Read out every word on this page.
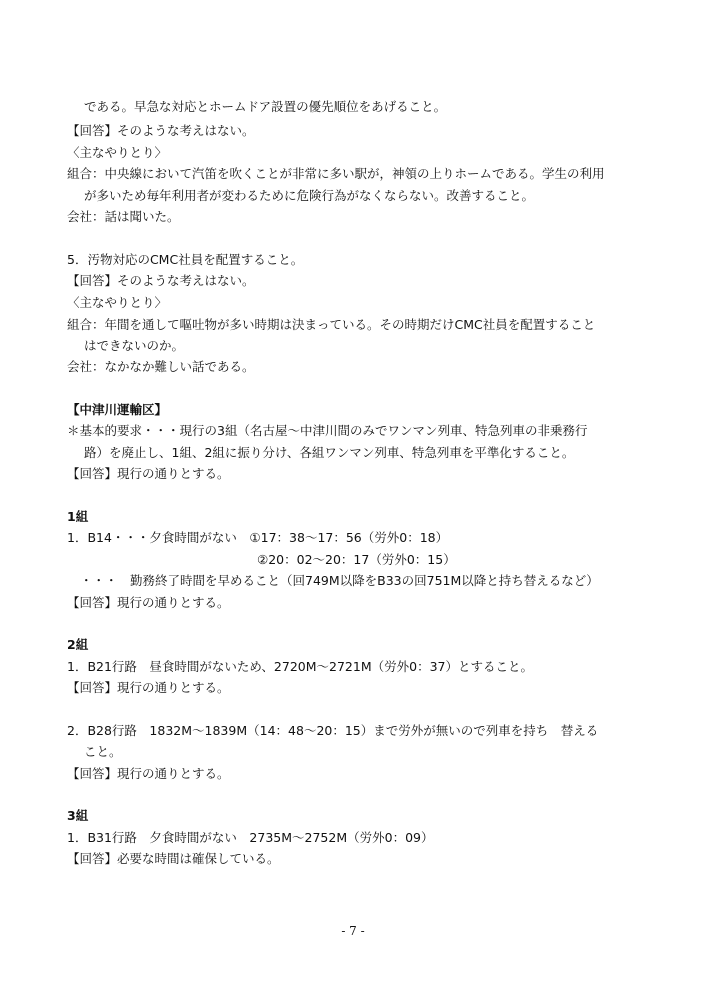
である。早急な対応とホームドア設置の優先順位をあげること。
【回答】そのような考えはない。
〈主なやりとり〉
組合：中央線において汽笛を吹くことが非常に多い駅が，神領の上りホームである。学生の利用
が多いため毎年利用者が変わるために危険行為がなくならない。改善すること。
会社：話は聞いた。
5．汚物対応のCMC社員を配置すること。
【回答】そのような考えはない。
〈主なやりとり〉
組合：年間を通して嘔吐物が多い時期は決まっている。その時期だけCMC社員を配置すること
はできないのか。
会社：なかなか難しい話である。
【中津川運輸区】
＊基本的要求・・・現行の3組（名古屋～中津川間のみでワンマン列車、特急列車の非乗務行
路）を廃止し、1組、2組に振り分け、各組ワンマン列車、特急列車を平準化すること。
【回答】現行の通りとする。
1組
1．B14・・・夕食時間がない　①17：38～17：56（労外0：18）
②20：02～20：17（労外0：15）
・・・　勤務終了時間を早めること（回749M以降をB33の回751M以降と持ち替えるなど）
【回答】現行の通りとする。
2組
1．B21行路　昼食時間がないため、2720M～2721M（労外0：37）とすること。
【回答】現行の通りとする。
2．B28行路　1832M～1839M（14：48～20：15）まで労外が無いので列車を持ち　替える
こと。
【回答】現行の通りとする。
3組
1．B31行路　夕食時間がない　2735M～2752M（労外0：09）
【回答】必要な時間は確保している。
- 7 -
